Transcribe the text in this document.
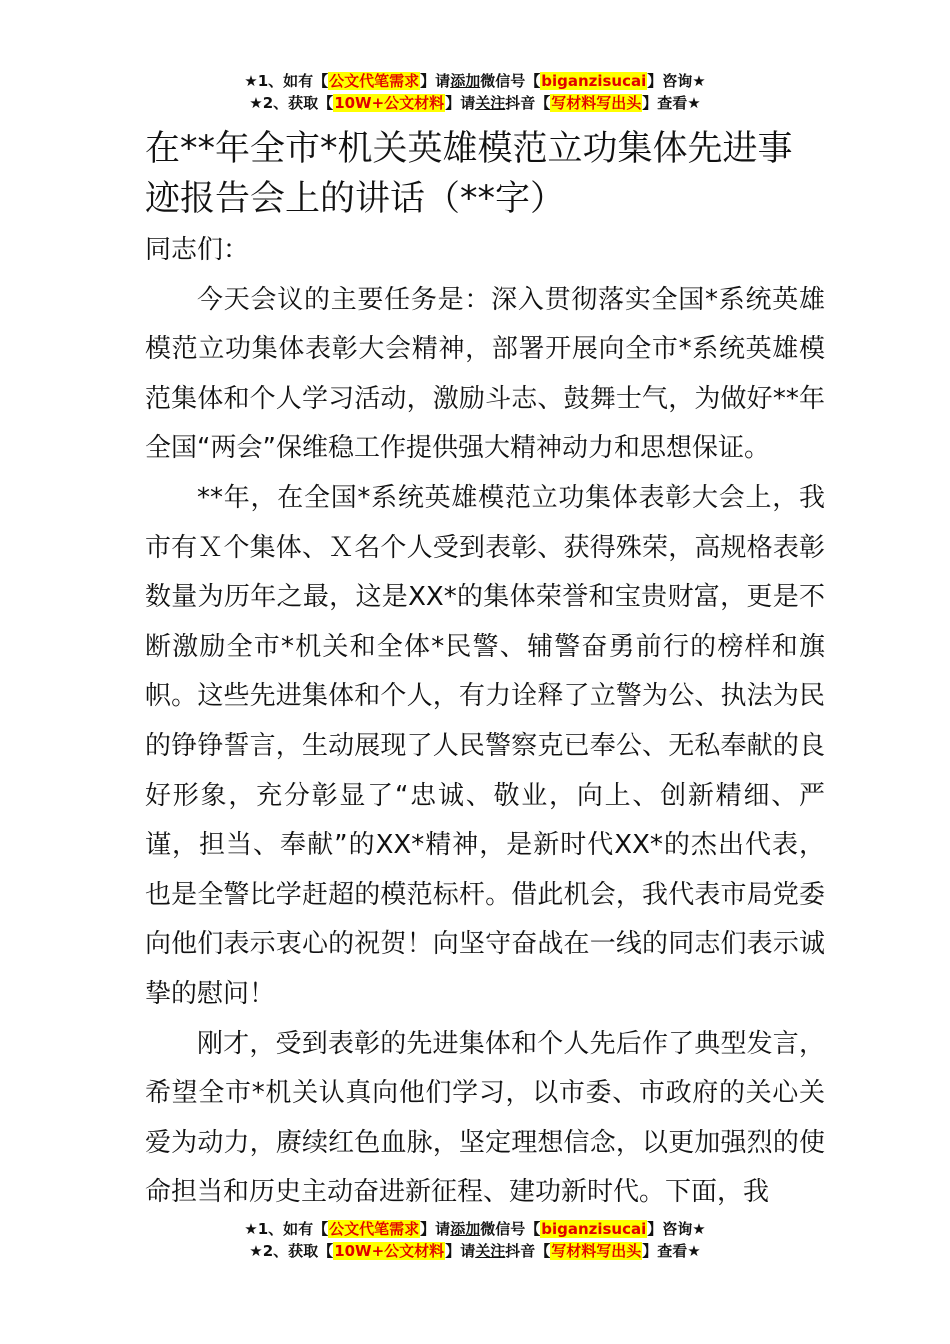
★1、如有【公文代笔需求】请添加微信号【biganzisucai】咨询★
★2、获取【10W+公文材料】请关注抖音【写材料写出头】查看★
在**年全市*机关英雄模范立功集体先进事迹报告会上的讲话（**字）

同志们：

今天会议的主要任务是：深入贯彻落实全国*系统英雄模范立功集体表彰大会精神，部署开展向全市*系统英雄模范集体和个人学习活动，激励斗志、鼓舞士气，为做好**年全国“两会”保维稳工作提供强大精神动力和思想保证。

**年，在全国*系统英雄模范立功集体表彰大会上，我市有Ｘ个集体、Ｘ名个人受到表彰、获得殊荣，高规格表彰数量为历年之最，这是XX*的集体荣誉和宝贵财富，更是不断激励全市*机关和全体*民警、辅警奋勇前行的榜样和旗帜。这些先进集体和个人，有力诠释了立警为公、执法为民的铮铮誓言，生动展现了人民警察克已奉公、无私奉献的良好形象，充分彰显了“忠诚、敬业，向上、创新精细、严谨，担当、奉献”的XX*精神，是新时代XX*的杰出代表，也是全警比学赶超的模范标杆。借此机会，我代表市局党委向他们表示衷心的祝贺！向坚守奋战在一线的同志们表示诚挚的慰问！

刚才，受到表彰的先进集体和个人先后作了典型发言，希望全市*机关认真向他们学习，以市委、市政府的关心关爱为动力，赓续红色血脉，坚定理想信念，以更加强烈的使命担当和历史主动奋进新征程、建功新时代。下面，我

★1、如有【公文代笔需求】请添加微信号【biganzisucai】咨询★
★2、获取【10W+公文材料】请关注抖音【写材料写出头】查看★
